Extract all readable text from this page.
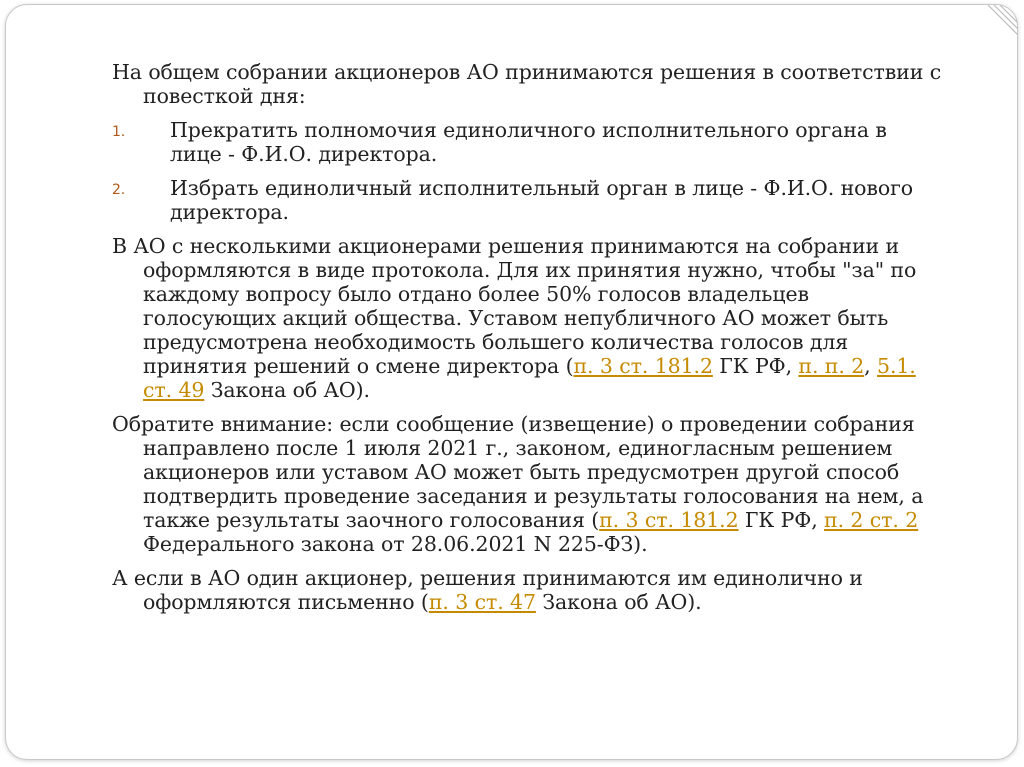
На общем собрании акционеров АО принимаются решения в соответствии с повесткой дня:

1. Прекратить полномочия единоличного исполнительного органа в лице - Ф.И.О. директора.
2. Избрать единоличный исполнительный орган в лице - Ф.И.О. нового директора.

В АО с несколькими акционерами решения принимаются на собрании и оформляются в виде протокола. Для их принятия нужно, чтобы "за" по каждому вопросу было отдано более 50% голосов владельцев голосующих акций общества. Уставом непубличного АО может быть предусмотрена необходимость большего количества голосов для принятия решений о смене директора (п. 3 ст. 181.2 ГК РФ, п. п. 2, 5.1. ст. 49 Закона об АО).

Обратите внимание: если сообщение (извещение) о проведении собрания направлено после 1 июля 2021 г., законом, единогласным решением акционеров или уставом АО может быть предусмотрен другой способ подтвердить проведение заседания и результаты голосования на нем, а также результаты заочного голосования (п. 3 ст. 181.2 ГК РФ, п. 2 ст. 2 Федерального закона от 28.06.2021 N 225-ФЗ).

А если в АО один акционер, решения принимаются им единолично и оформляются письменно (п. 3 ст. 47 Закона об АО).
